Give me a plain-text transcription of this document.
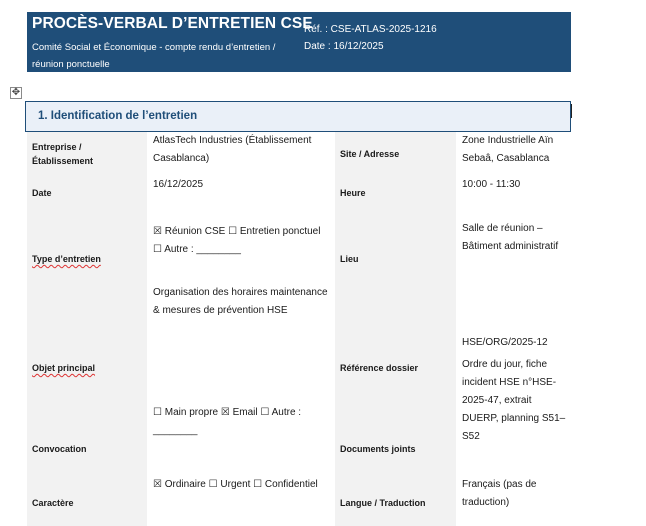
PROCÈS-VERBAL D’ENTRETIEN CSE
Comité Social et Économique - compte rendu d’entretien / réunion ponctuelle
Réf. : CSE-ATLAS-2025-1216
Date : 16/12/2025
✥
1. Identification de l’entretien
Entreprise / Établissement
AtlasTech Industries (Établissement Casablanca)	Site / Adresse
Zone Industrielle Aïn Sebaâ, Casablanca
Date
16/12/2025
Heure
10:00 - 11:30
Type d’entretien
☒ Réunion CSE ☐ Entretien ponctuel ☐ Autre : ________
Lieu
Salle de réunion – Bâtiment administratif
Objet principal
Organisation des horaires maintenance & mesures de prévention HSE
Référence dossier
HSE/ORG/2025-12
Convocation
☐ Main propre ☒ Email ☐ Autre : ________
Documents joints
Ordre du jour, fiche incident HSE n°HSE-2025-47, extrait DUERP, planning S51–S52
Caractère
☒ Ordinaire ☐ Urgent ☐ Confidentiel
Langue / Traduction
Français (pas de traduction)
